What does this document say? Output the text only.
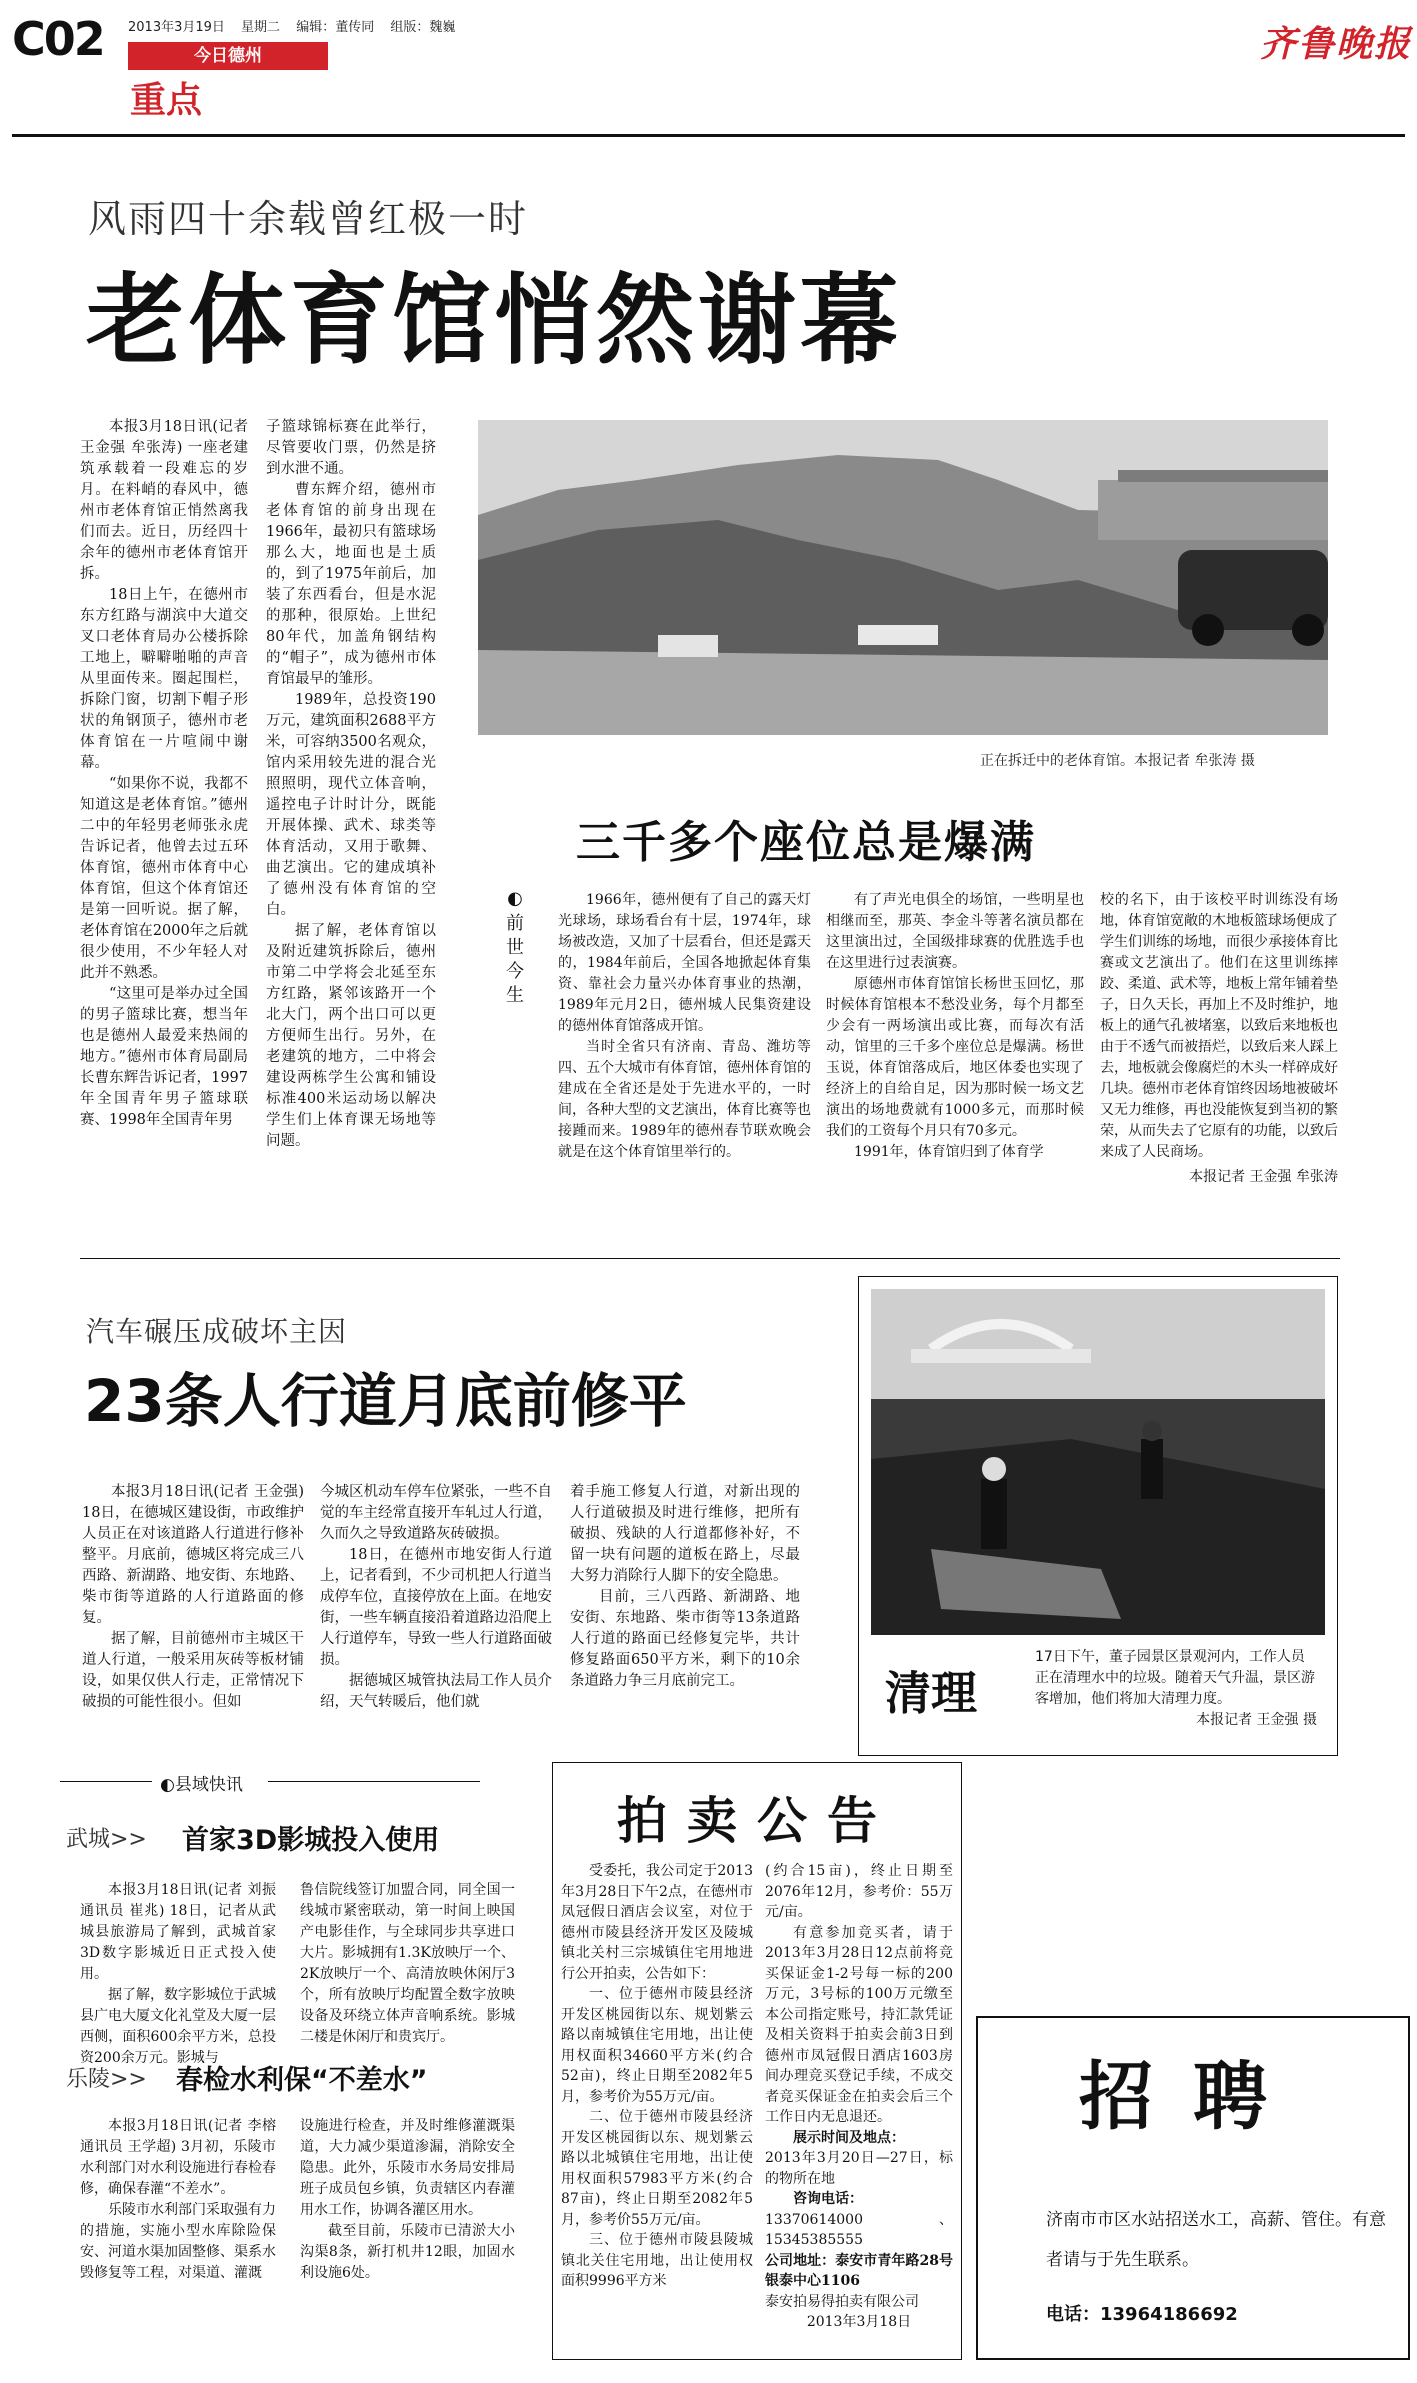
C02 2013年3月19日 星期二 编辑：董传同 组版：魏巍
今日德州
重点
齐鲁晚报
风雨四十余载曾红极一时
老体育馆悄然谢幕

本报3月18日讯(记者 王金强 牟张涛) 一座老建筑承载着一段难忘的岁月。在料峭的春风中，德州市老体育馆正悄然离我们而去。近日，历经四十余年的德州市老体育馆开拆。

18日上午，在德州市东方红路与湖滨中大道交叉口老体育局办公楼拆除工地上，噼噼啪啪的声音从里面传来。圈起围栏，拆除门窗，切割下帽子形状的角钢顶子，德州市老体育馆在一片喧闹中谢幕。

“如果你不说，我都不知道这是老体育馆。”德州二中的年轻男老师张永虎告诉记者，他曾去过五环体育馆，德州市体育中心体育馆，但这个体育馆还是第一回听说。据了解，老体育馆在2000年之后就很少使用，不少年轻人对此并不熟悉。

“这里可是举办过全国的男子篮球比赛，想当年也是德州人最爱来热闹的地方。”德州市体育局副局长曹东辉告诉记者，1997年全国青年男子篮球联赛、1998年全国青年男

子篮球锦标赛在此举行，尽管要收门票，仍然是挤到水泄不通。

曹东辉介绍，德州市老体育馆的前身出现在1966年，最初只有篮球场那么大，地面也是土质的，到了1975年前后，加装了东西看台，但是水泥的那种，很原始。上世纪80年代，加盖角钢结构的“帽子”，成为德州市体育馆最早的雏形。

1989年，总投资190万元，建筑面积2688平方米，可容纳3500名观众，馆内采用较先进的混合光照照明，现代立体音响，遥控电子计时计分，既能开展体操、武术、球类等体育活动，又用于歌舞、曲艺演出。它的建成填补了德州没有体育馆的空白。

据了解，老体育馆以及附近建筑拆除后，德州市第二中学将会北延至东方红路，紧邻该路开一个北大门，两个出口可以更方便师生出行。另外，在老建筑的地方，二中将会建设两栋学生公寓和铺设标准400米运动场以解决学生们上体育课无场地等问题。

正在拆迁中的老体育馆。本报记者 牟张涛 摄
三千多个座位总是爆满
◐
前世今生

1966年，德州便有了自己的露天灯光球场，球场看台有十层，1974年，球场被改造，又加了十层看台，但还是露天的，1984年前后，全国各地掀起体育集资、靠社会力量兴办体育事业的热潮，1989年元月2日，德州城人民集资建设的德州体育馆落成开馆。

当时全省只有济南、青岛、潍坊等四、五个大城市有体育馆，德州体育馆的建成在全省还是处于先进水平的，一时间，各种大型的文艺演出，体育比赛等也接踵而来。1989年的德州春节联欢晚会就是在这个体育馆里举行的。

有了声光电俱全的场馆，一些明星也相继而至，那英、李金斗等著名演员都在这里演出过，全国级排球赛的优胜选手也在这里进行过表演赛。

原德州市体育馆馆长杨世玉回忆，那时候体育馆根本不愁没业务，每个月都至少会有一两场演出或比赛，而每次有活动，馆里的三千多个座位总是爆满。杨世玉说，体育馆落成后，地区体委也实现了经济上的自给自足，因为那时候一场文艺演出的场地费就有1000多元，而那时候我们的工资每个月只有70多元。

1991年，体育馆归到了体育学

校的名下，由于该校平时训练没有场地，体育馆宽敞的木地板篮球场便成了学生们训练的场地，而很少承接体育比赛或文艺演出了。他们在这里训练摔跤、柔道、武术等，地板上常年铺着垫子，日久天长，再加上不及时维护，地板上的通气孔被堵塞，以致后来地板也由于不透气而被捂烂，以致后来人踩上去，地板就会像腐烂的木头一样碎成好几块。德州市老体育馆终因场地被破坏又无力维修，再也没能恢复到当初的繁荣，从而失去了它原有的功能，以致后来成了人民商场。

本报记者 王金强 牟张涛

汽车碾压成破坏主因
23条人行道月底前修平

本报3月18日讯(记者 王金强) 18日，在德城区建设街，市政维护人员正在对该道路人行道进行修补整平。月底前，德城区将完成三八西路、新湖路、地安街、东地路、柴市街等道路的人行道路面的修复。

据了解，目前德州市主城区干道人行道，一般采用灰砖等板材铺设，如果仅供人行走，正常情况下破损的可能性很小。但如

今城区机动车停车位紧张，一些不自觉的车主经常直接开车轧过人行道，久而久之导致道路灰砖破损。

18日，在德州市地安街人行道上，记者看到，不少司机把人行道当成停车位，直接停放在上面。在地安街，一些车辆直接沿着道路边沿爬上人行道停车，导致一些人行道路面破损。

据德城区城管执法局工作人员介绍，天气转暖后，他们就

着手施工修复人行道，对新出现的人行道破损及时进行维修，把所有破损、残缺的人行道都修补好，不留一块有问题的道板在路上，尽最大努力消除行人脚下的安全隐患。

目前，三八西路、新湖路、地安街、东地路、柴市街等13条道路人行道的路面已经修复完毕，共计修复路面650平方米，剩下的10余条道路力争三月底前完工。	清理
17日下午，董子园景区景观河内，工作人员正在清理水中的垃圾。随着天气升温，景区游客增加，他们将加大清理力度。
本报记者 王金强 摄
◐县域快讯
武城>> 首家3D影城投入使用

本报3月18日讯(记者 刘振 通讯员 崔兆) 18日，记者从武城县旅游局了解到，武城首家3D数字影城近日正式投入使用。

据了解，数字影城位于武城县广电大厦文化礼堂及大厦一层西侧，面积600余平方米，总投资200余万元。影城与

鲁信院线签订加盟合同，同全国一线城市紧密联动，第一时间上映国产电影佳作，与全球同步共享进口大片。影城拥有1.3K放映厅一个、2K放映厅一个、高清放映休闲厅3个，所有放映厅均配置全数字放映设备及环绕立体声音响系统。影城二楼是休闲厅和贵宾厅。

乐陵>> 春检水利保“不差水”

本报3月18日讯(记者 李榕 通讯员 王学超) 3月初，乐陵市水利部门对水利设施进行春检春修，确保春灌“不差水”。

乐陵市水利部门采取强有力的措施，实施小型水库除险保安、河道水渠加固整修、渠系水毁修复等工程，对渠道、灌溉

设施进行检查，并及时维修灌溉渠道，大力减少渠道渗漏，消除安全隐患。此外，乐陵市水务局安排局班子成员包乡镇，负责辖区内春灌用水工作，协调各灌区用水。

截至目前，乐陵市已清淤大小沟渠8条，新打机井12眼，加固水利设施6处。

拍卖公告

受委托，我公司定于2013年3月28日下午2点，在德州市凤冠假日酒店会议室，对位于德州市陵县经济开发区及陵城镇北关村三宗城镇住宅用地进行公开拍卖，公告如下：

一、位于德州市陵县经济开发区桃园街以东、规划紫云路以南城镇住宅用地，出让使用权面积34660平方米(约合52亩)，终止日期至2082年5月，参考价为55万元/亩。

二、位于德州市陵县经济开发区桃园街以东、规划紫云路以北城镇住宅用地，出让使用权面积57983平方米(约合87亩)，终止日期至2082年5月，参考价55万元/亩。

三、位于德州市陵县陵城镇北关住宅用地，出让使用权面积9996平方米

(约合15亩)，终止日期至2076年12月，参考价：55万元/亩。

有意参加竞买者，请于2013年3月28日12点前将竞买保证金1-2号每一标的200万元，3号标的100万元缴至本公司指定账号，持汇款凭证及相关资料于拍卖会前3日到德州市凤冠假日酒店1603房间办理竞买登记手续，不成交者竞买保证金在拍卖会后三个工作日内无息退还。

展示时间及地点：

2013年3月20日—27日，标的物所在地

咨询电话：

13370614000、15345385555

公司地址：泰安市青年路28号银泰中心1106

泰安拍易得拍卖有限公司

2013年3月18日

招聘
济南市市区水站招送水工，高薪、管住。有意者请与于先生联系。
电话：13964186692
